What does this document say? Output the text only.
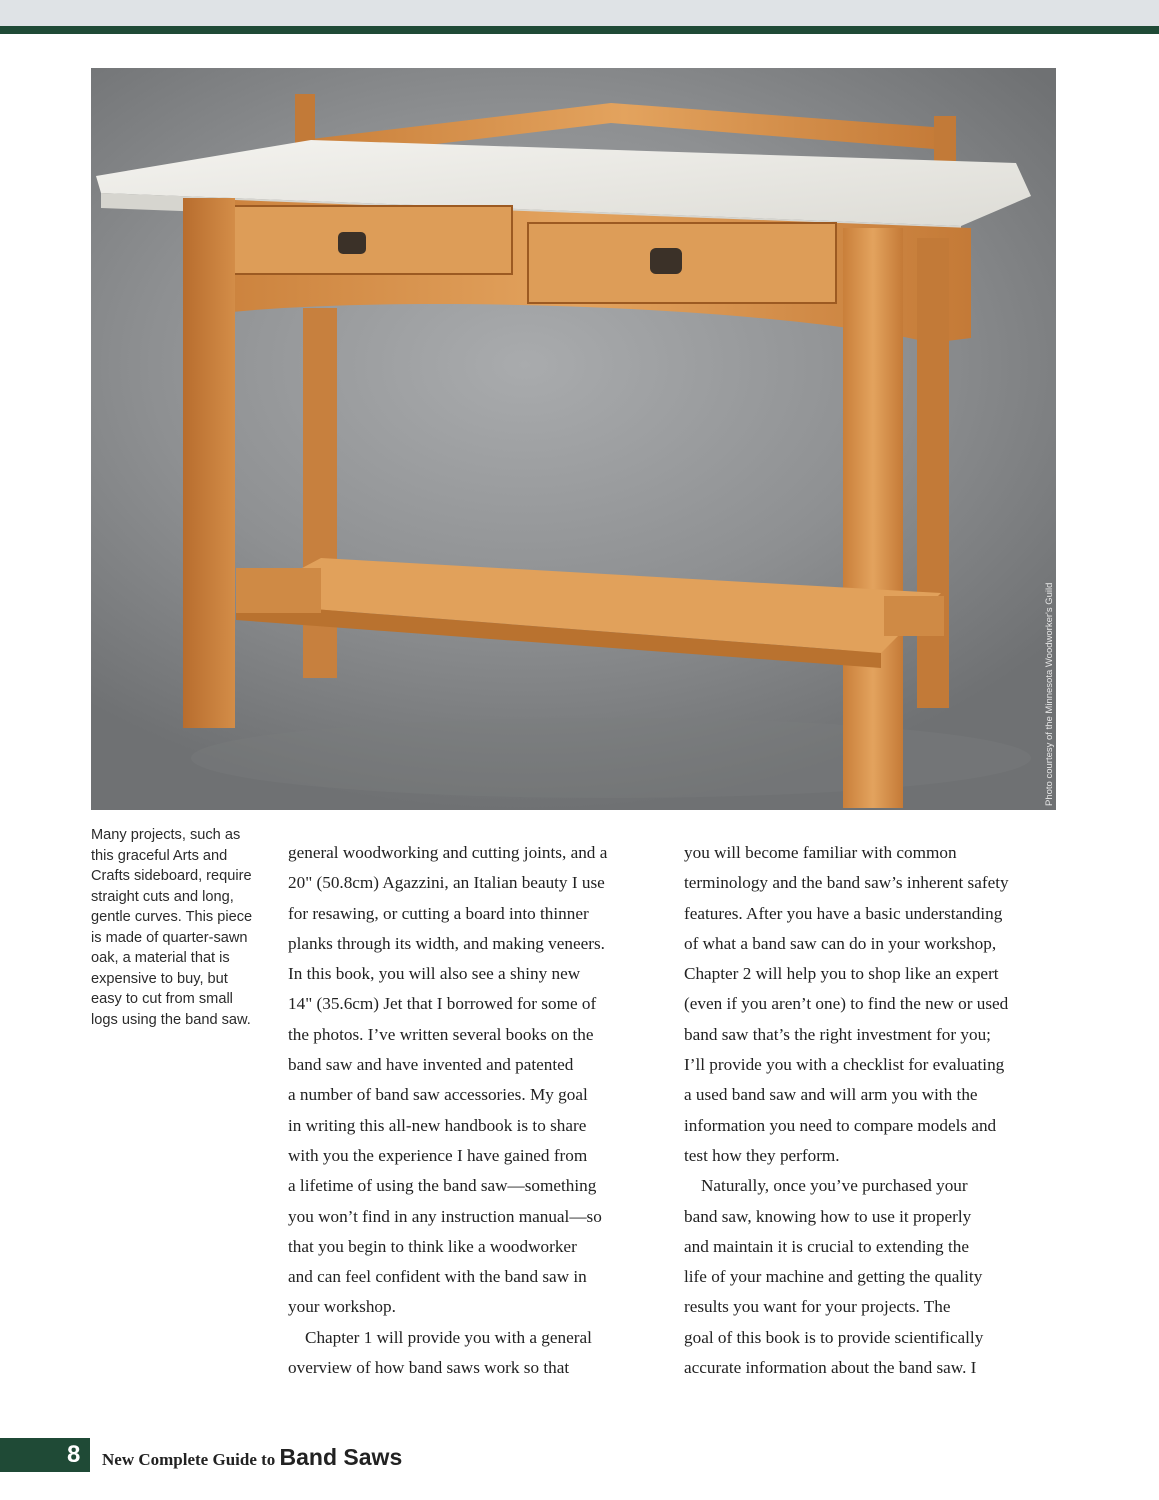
Photo courtesy of the Minnesota Woodworker's Guild
Many projects, such as
this graceful Arts and
Crafts sideboard, require
straight cuts and long,
gentle curves. This piece
is made of quarter-sawn
oak, a material that is
expensive to buy, but
easy to cut from small
logs using the band saw.
general woodworking and cutting joints, and a
20" (50.8cm) Agazzini, an Italian beauty I use
for resawing, or cutting a board into thinner
planks through its width, and making veneers.
In this book, you will also see a shiny new
14" (35.6cm) Jet that I borrowed for some of
the photos. I’ve written several books on the
band saw and have invented and patented
a number of band saw accessories. My goal
in writing this all-new handbook is to share
with you the experience I have gained from
a lifetime of using the band saw—something
you won’t find in any instruction manual—so
that you begin to think like a woodworker
and can feel confident with the band saw in
your workshop.
Chapter 1 will provide you with a general
overview of how band saws work so that
you will become familiar with common
terminology and the band saw’s inherent safety
features. After you have a basic understanding
of what a band saw can do in your workshop,
Chapter 2 will help you to shop like an expert
(even if you aren’t one) to find the new or used
band saw that’s the right investment for you;
I’ll provide you with a checklist for evaluating
a used band saw and will arm you with the
information you need to compare models and
test how they perform.
Naturally, once you’ve purchased your
band saw, knowing how to use it properly
and maintain it is crucial to extending the
life of your machine and getting the quality
results you want for your projects. The
goal of this book is to provide scientifically
accurate information about the band saw. I
8 New Complete Guide to Band Saws
